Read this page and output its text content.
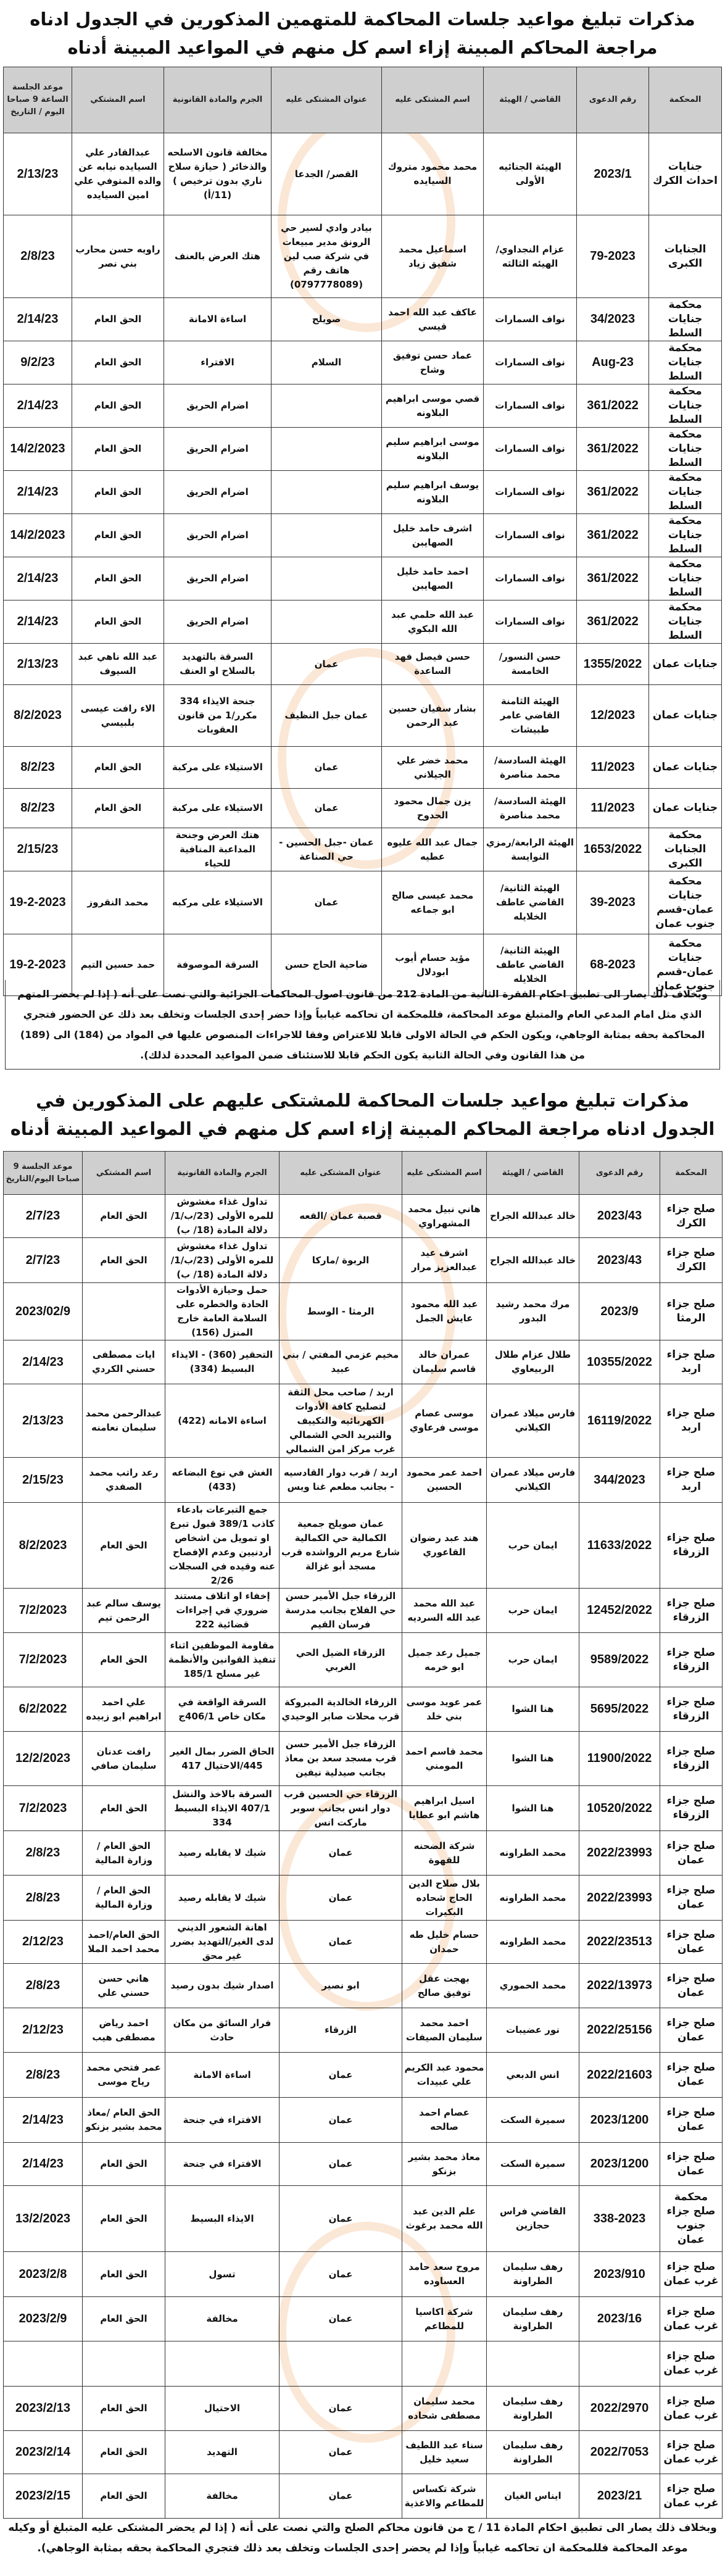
مذكرات تبليغ مواعيد جلسات المحاكمة للمتهمين المذكورين في الجدول ادناه مراجعة المحاكم المبينة إزاء اسم كل منهم في المواعيد المبينة أدناه
المحكمة	رقم الدعوى	القاضي / الهيئة	اسم المشتكى عليه	عنوان المشتكى عليه	الجرم والمادة القانونية	اسم المشتكي	موعد الجلسة الساعة 9 صباحا اليوم / التاريخ
جنايات احداث الكرك	2023/1	الهيئة الجنائيه الأولى	محمد محمود متروك السيايده	القصر/ الجدعا	مخالفة قانون الاسلحه والذخائر ( حيازة سلاح ناري بدون ترخيص )(11/أ)	عبدالقادر علي السيايده نيابه عن والده المتوفي علي امين السيايده	2/13/23
الجنايات الكبرى	79-2023	عزام النجداوي/الهيئه الثالثه	اسماعيل محمد شفيق زياد	بيادر وادي لسير حي الرونق مدير مبيعات في شركة صب لين هاتف رقم (0797778089)	هتك العرض بالعنف	راويه حسن محارب بني نصر	2/8/23
محكمة جنايات السلط	34/2023	نواف السمارات	عاكف عبد الله احمد قيسي	صويلح	اساءة الامانة	الحق العام	2/14/23
محكمة جنايات السلط	Aug-23	نواف السمارات	عماد حسن توفيق وشاح	السلام	الافتراء	الحق العام	9/2/23
محكمة جنايات السلط	361/2022	نواف السمارات	قصي موسى ابراهيم البلاونه		اضرام الحريق	الحق العام	2/14/23
محكمة جنايات السلط	361/2022	نواف السمارات	موسى ابراهيم سليم البلاونه		اضرام الحريق	الحق العام	14/2/2023
محكمة جنايات السلط	361/2022	نواف السمارات	يوسف ابراهيم سليم البلاونه		اضرام الحريق	الحق العام	2/14/23
محكمة جنايات السلط	361/2022	نواف السمارات	اشرف حامد خليل الصهايبن		اضرام الحريق	الحق العام	14/2/2023
محكمة جنايات السلط	361/2022	نواف السمارات	احمد حامد خليل الصهايبن		اضرام الحريق	الحق العام	2/14/23
محكمة جنايات السلط	361/2022	نواف السمارات	عبد الله حلمي عبد الله البكوي		اضرام الحريق	الحق العام	2/14/23
جنايات عمان	1355/2022	حسن النسور/ الخامسة	حسن فيصل فهد الساعدة	عمان	السرقة بالتهديد بالسلاح او العنف	عبد الله ناهي عبد السيوف	2/13/23
جنايات عمان	12/2023	الهيئة الثامنة القاضي عامر طبيشات	بشار سفيان حسين عبد الرحمن	عمان جبل النظيف	جنحة الايذاء 334 مكرر/1 من قانون العقوبات	الاء رافت عيسى بلبيسي	8/2/2023
جنايات عمان	11/2023	الهيئة السادسة/محمد مناصرة	محمد خضر علي الجيلاني	عمان	الاستيلاء على مركبة	الحق العام	8/2/23
جنايات عمان	11/2023	الهيئة السادسة/محمد مناصرة	يزن جمال محمود الحدوح	عمان	الاستيلاء على مركبة	الحق العام	8/2/23
محكمة الجنايات الكبرى	1653/2022	الهيئة الرابعة/رمزي النوايسة	جمال عبد الله عليوه عطيه	عمان -جبل الحسين - حي الصناعة	هتك العرض وجنحة المداعبة المنافية للحياء		2/15/23
محكمة جنايات عمان-قسم جنوب عمان	39-2023	الهيئة الثانية/القاضي عاطف الخلايله	محمد عيسى صالح ابو جماعه	عمان	الاستيلاء على مركبه	محمد النقروز	19-2-2023
محكمة جنايات عمان-قسم جنوب عمان	68-2023	الهيئة الثانية/القاضي عاطف الخلايله	مؤيد حسام أيوب ابودلال	ضاحية الحاج حسن	السرقة الموصوفة	حمد حسين التيم	19-2-2023
وبخلاف ذلك يصار الى تطبيق احكام الفقرة الثانية من المادة 212 من قانون اصول المحاكمات الجزائية والتي نصت على أنه ( إذا لم يحضر المتهم الذي مثل امام المدعي العام والمتبلغ موعد المحاكمة، فللمحكمة ان تحاكمه غيابياً وإذا حضر إحدى الجلسات وتخلف بعد ذلك عن الحضور فتجري المحاكمة بحقه بمثابة الوجاهي، ويكون الحكم في الحالة الاولى قابلا للاعتراض وفقا للاجراءات المنصوص عليها في المواد من (184) الى (189) من هذا القانون وفي الحالة الثانية يكون الحكم قابلا للاستئناف ضمن المواعيد المحددة لذلك).
مذكرات تبليغ مواعيد جلسات المحاكمة للمشتكى عليهم على المذكورين في الجدول ادناه مراجعة المحاكم المبينة إزاء اسم كل منهم في المواعيد المبينة أدناه
المحكمة	رقم الدعوى	القاضي / الهيئة	اسم المشتكى عليه	عنوان المشتكى عليه	الجرم والمادة القانونية	اسم المشتكي	موعد الجلسة 9 صباحا اليوم/التاريخ
صلح جزاء الكرك	2023/43	خالد عبدالله الجراح	هاني نبيل محمد المشهراوي	قصبة عمان /القعه	تداول غذاء مغشوش للمره الأولى (23/ب/1/دلالة المادة (18/ ب)	الحق العام	2/7/23
صلح جزاء الكرك	2023/43	خالد عبدالله الجراح	اشرف عيد عبدالعزيز مرار	الربوة /ماركا	تداول غذاء مغشوش للمره الأولى (23/ب/1/دلالة المادة (18/ ب)	الحق العام	2/7/23
صلح جزاء الرمثا	2023/9	مرك محمد رشيد البدور	عبد الله محمود عايش الجمل	الرمثا - الوسط	حمل وحيازة الأدوات الحادة والخطره على السلامة العامة خارج المنزل (156)		2023/02/9
صلح جزاء اربد	10355/2022	طلال عزام طلال الربيعاوي	عمران خالد قاسم سليمان	مخيم عزمي المفتي / بني عبيد	التحقير (360) - الايذاء البسيط (334)	ايات مصطفى حسني الكردي	2/14/23
صلح جزاء اربد	16119/2022	فارس ميلاد عمران الكيلاني	موسى عصام موسى فرعاوي	اربد / صاحب محل الثقة لتصليح كافة الأدوات الكهربائيه والتكييف والتبريد الحي الشمالي غرب مركز امن الشمالي	اساءة الامانه (422)	عبدالرحمن محمد سليمان نعامنه	2/13/23
صلح جزاء اربد	344/2023	فارس ميلاد عمران الكيلاني	احمد عمر محمود الحسين	اربد / قرب دوار القادسيه - بجانب مطعم غنا ويس	الغش في نوع البضاعه (433)	رعد راتب محمد الصفدي	2/15/23
صلح جزاء الزرقاء	11633/2022	ايمان حرب	هند عبد رضوان القاعوري	عمان صويلح جمعية الكمالية حي الكمالية شارع مريم الرواشده قرب مسجد أبو غزالة	جمع التبرعات بادعاء كاذب 389/1 قبول تبرع او تمويل من اشخاص أردنيين وعدم الإفصاح عنه وقيده في السجلات 2/26	الحق العام	8/2/2023
صلح جزاء الزرقاء	12452/2022	ايمان حرب	عبد الله محمد عبد الله السرديه	الزرقاء جبل الأمير حسن حي الفلاح بجانب مدرسة فرسان القيم	إخفاء او اتلاف مستند ضروري في إجراءات قضائية 222	يوسف سالم عبد الرحمن تيم	7/2/2023
صلح جزاء الزرقاء	9589/2022	ايمان حرب	جميل رعد جميل ابو خرمه	الزرقاء الضيل الحي الغربي	مقاومة الموظفين اثناء تنفيذ القوانين والأنظمة غير مسلح 185/1	الحق العام	7/2/2023
صلح جزاء الزرقاء	5695/2022	هنا الشوا	عمر عويد موسى بني خلد	الزرقاء الخالدية المبروكة قرب محلات صابر الوحيدي	السرقة الواقعة في مكان خاص 406/1ج	علي احمد ابراهيم ابو زبيده	6/2/2022
صلح جزاء الزرقاء	11900/2022	هنا الشوا	محمد قاسم احمد المومني	الزرقاء جبل الأمير حسن قرب مسجد سعد بن معاذ بجانب صيدلية نيفين	الحاق الضرر بمال الغير 445/الاحتيال 417	رافت عدنان سليمان صافي	12/2/2023
صلح جزاء الزرقاء	10520/2022	هنا الشوا	اسيل ابراهيم هاشم ابو عطايا	الزرقاء حي الحسين قرب دوار انس بجانب سوبر ماركت انس	السرقة بالاخذ والنشل 407/1 الايذاء البسيط 334	الحق العام	7/2/2023
صلح جزاء عمان	2022/23993	محمد الطراونه	شركة الضحنه للقهوة	عمان	شيك لا يقابله رصيد	الحق العام /وزارة المالية	2/8/23
صلح جزاء عمان	2022/23993	محمد الطراونه	بلال صلاح الدين الحاج شحاده البكيرات	عمان	شيك لا يقابله رصيد	الحق العام /وزارة المالية	2/8/23
صلح جزاء عمان	2022/23513	محمد الطراونه	حسام خليل طه حمدان	عمان	اهانة الشعور الديني لدى الغير/التهديد بضرر غير محق	الحق العام/احمد محمد احمد الملا	2/12/23
صلح جزاء عمان	2022/13973	محمد الحموري	بهجت عقل توفيق صالح	ابو نصير	اصدار شيك بدون رصيد	هاني حسن حسني علي	2/8/23
صلح جزاء عمان	2022/25156	نور عضيبات	احمد محمد سليمان الصيفات	الزرقاء	فرار السائق من مكان حادث	احمد رياض مصطفى هيب	2/12/23
صلح جزاء عمان	2022/21603	انس الدبعي	محمود عبد الكريم علي عبيدات	عمان	اساءة الامانة	عمر فتحي محمد رياح موسى	2/8/23
صلح جزاء عمان	2023/1200	سميرة السكت	عصام احمد صالحه	عمان	الافتراء في جنحة	الحق العام /معاذ محمد بشير بزنكو	2/14/23
صلح جزاء عمان	2023/1200	سميرة السكت	معاذ محمد بشير بزنكو	عمان	الافتراء في جنحة	الحق العام	2/14/23
محكمة صلح جزاء جنوب عمان	338-2023	القاضي فراس حجازين	علم الدين عبد الله محمد برغوث	عمان	الايذاء البسيط	الحق العام	13/2/2023
صلح جزاء غرب عمان	2023/910	رهف سليمان الطراونة	مروح سعد حامد العساوده	عمان	تسول	الحق العام	2023/2/8
صلح جزاء غرب عمان	2023/16	رهف سليمان الطراونة	شركة اكاسيا للمطاعم	عمان	مخالفة	الحق العام	2023/2/9
صلح جزاء غرب عمان							
صلح جزاء غرب عمان	2022/2970	رهف سليمان الطراونة	محمد سليمان مصطفى شحاده	عمان	الاحتيال	الحق العام	2023/2/13
صلح جزاء غرب عمان	2022/7053	رهف سليمان الطراونة	سناء عبد اللطيف سعيد خليل	عمان	التهديد	الحق العام	2023/2/14
صلح جزاء غرب عمان	2023/21	ايناس الغيان	شركة تكساس للمطاعم والاغذية	عمان	مخالفة	الحق العام	2023/2/15
وبخلاف ذلك يصار الى تطبيق احكام المادة 11 / ج من قانون محاكم الصلح والتي نصت على أنه ( إذا لم يحضر المشتكى عليه المتبلغ أو وكيله موعد المحاكمة فللمحكمة ان تحاكمه غيابياً وإذا لم يحضر إحدى الجلسات وتخلف بعد ذلك فتجري المحاكمة بحقه بمثابة الوجاهي).
